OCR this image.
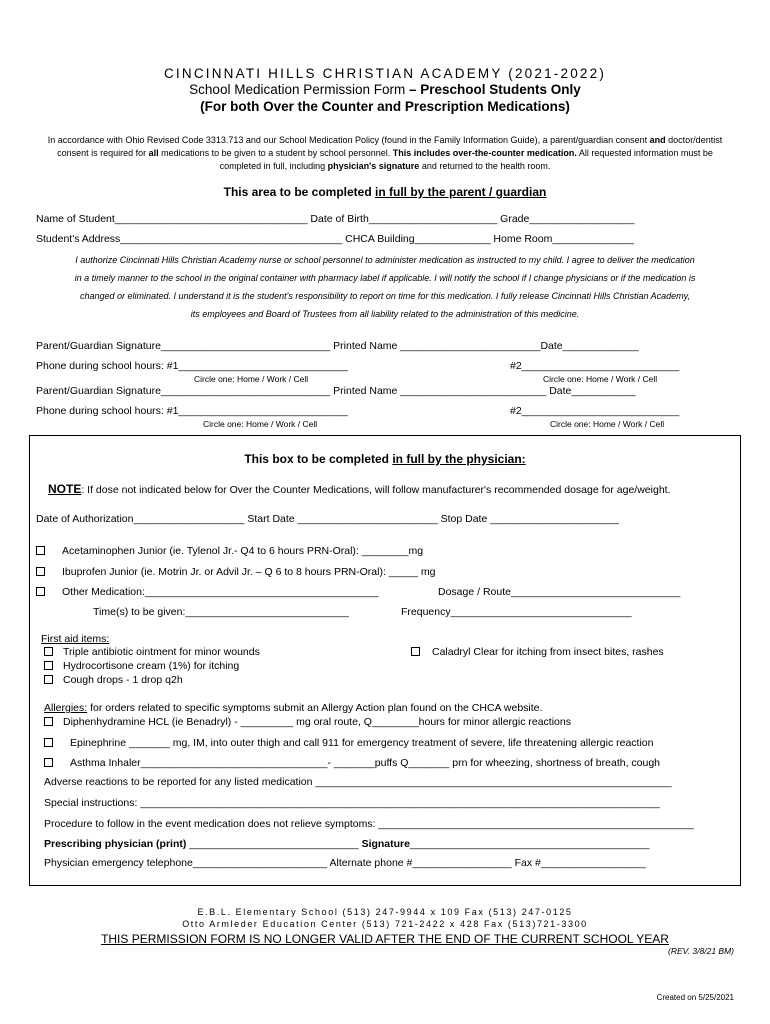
CINCINNATI HILLS CHRISTIAN ACADEMY (2021-2022)
School Medication Permission Form – Preschool Students Only
(For both Over the Counter and Prescription Medications)
In accordance with Ohio Revised Code 3313.713 and our School Medication Policy (found in the Family Information Guide), a parent/guardian consent and doctor/dentist consent is required for all medications to be given to a student by school personnel. This includes over-the-counter medication. All requested information must be completed in full, including physician's signature and returned to the health room.
This area to be completed in full by the parent / guardian
Name of Student_________________________________ Date of Birth______________________ Grade__________________
Student's Address______________________________________ CHCA Building_____________ Home Room______________
I authorize Cincinnati Hills Christian Academy nurse or school personnel to administer medication as instructed to my child. I agree to deliver the medication
in a timely manner to the school in the original container with pharmacy label if applicable. I will notify the school if I change physicians or if the medication is
changed or eliminated. I understand it is the student's responsibility to report on time for this medication. I fully release Cincinnati Hills Christian Academy,
its employees and Board of Trustees from all liability related to the administration of this medicine.
Parent/Guardian Signature_____________________________ Printed Name ________________________Date_____________
Phone during school hours: #1_____________________________	#2___________________________
Circle one: Home / Work / Cell	Circle one: Home / Work / Cell
Parent/Guardian Signature_____________________________ Printed Name _________________________ Date___________
Phone during school hours: #1_____________________________	#2___________________________
Circle one: Home / Work / Cell	Circle one: Home / Work / Cell
This box to be completed in full by the physician:
NOTE: If dose not indicated below for Over the Counter Medications, will follow manufacturer's recommended dosage for age/weight.
Date of Authorization___________________ Start Date ________________________ Stop Date ______________________
Acetaminophen Junior (ie. Tylenol Jr.- Q4 to 6 hours PRN-Oral): ________mg
Ibuprofen Junior (ie. Motrin Jr. or Advil Jr. – Q 6 to 8 hours PRN-Oral): _____ mg
Other Medication:________________________________________	Dosage / Route_____________________________
Time(s) to be given:____________________________	Frequency_______________________________
First aid items:
Triple antibiotic ointment for minor wounds
Hydrocortisone cream (1%) for itching
Cough drops - 1 drop q2h
Caladryl Clear for itching from insect bites, rashes
Allergies: for orders related to specific symptoms submit an Allergy Action plan found on the CHCA website.
Diphenhydramine HCL (ie Benadryl) - _________ mg oral route, Q________hours for minor allergic reactions
Epinephrine _______ mg, IM, into outer thigh and call 911 for emergency treatment of severe, life threatening allergic reaction
Asthma Inhaler________________________________- _______puffs Q_______ prn for wheezing, shortness of breath, cough
Adverse reactions to be reported for any listed medication _____________________________________________________________
Special instructions: _________________________________________________________________________________________
Procedure to follow in the event medication does not relieve symptoms: ______________________________________________________
Prescribing physician (print) _____________________________ Signature_________________________________________
Physician emergency telephone_______________________ Alternate phone #_________________ Fax #__________________
E.B.L. Elementary School (513) 247-9944 x 109 Fax (513) 247-0125
Otto Armleder Education Center (513) 721-2422 x 428 Fax (513)721-3300
THIS PERMISSION FORM IS NO LONGER VALID AFTER THE END OF THE CURRENT SCHOOL YEAR
(REV. 3/8/21 BM)
Created on 5/25/2021
